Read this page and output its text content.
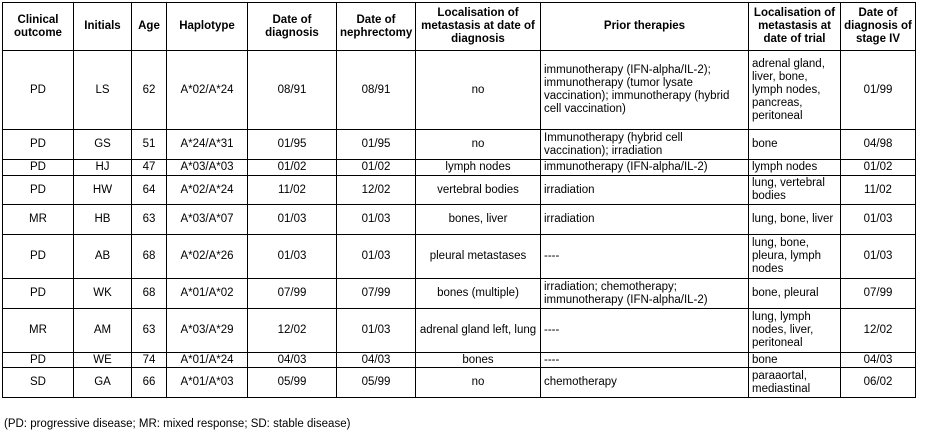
Clinical outcome	Initials	Age	Haplotype	Date of diagnosis	Date of nephrectomy	Localisation of metastasis at date of diagnosis	Prior therapies	Localisation of metastasis at date of trial	Date of diagnosis of stage IV
PD	LS	62	A*02/A*24	08/91	08/91	no	immunotherapy (IFN-alpha/IL-2); immunotherapy (tumor lysate vaccination); immunotherapy (hybrid cell vaccination)	adrenal gland, liver, bone, lymph nodes, pancreas, peritoneal	01/99
PD	GS	51	A*24/A*31	01/95	01/95	no	Immunotherapy (hybrid cell vaccination); irradiation	bone	04/98
PD	HJ	47	A*03/A*03	01/02	01/02	lymph nodes	immunotherapy (IFN-alpha/IL-2)	lymph nodes	01/02
PD	HW	64	A*02/A*24	11/02	12/02	vertebral bodies	irradiation	lung, vertebral bodies	11/02
MR	HB	63	A*03/A*07	01/03	01/03	bones, liver	irradiation	lung, bone, liver	01/03
PD	AB	68	A*02/A*26	01/03	01/03	pleural metastases	----	lung, bone, pleura, lymph nodes	01/03
PD	WK	68	A*01/A*02	07/99	07/99	bones (multiple)	irradiation; chemotherapy; immunotherapy (IFN-alpha/IL-2)	bone, pleural	07/99
MR	AM	63	A*03/A*29	12/02	01/03	adrenal gland left, lung	----	lung, lymph nodes, liver, peritoneal	12/02
PD	WE	74	A*01/A*24	04/03	04/03	bones	----	bone	04/03
SD	GA	66	A*01/A*03	05/99	05/99	no	chemotherapy	paraaortal, mediastinal	06/02
(PD: progressive disease; MR: mixed response; SD: stable disease)
